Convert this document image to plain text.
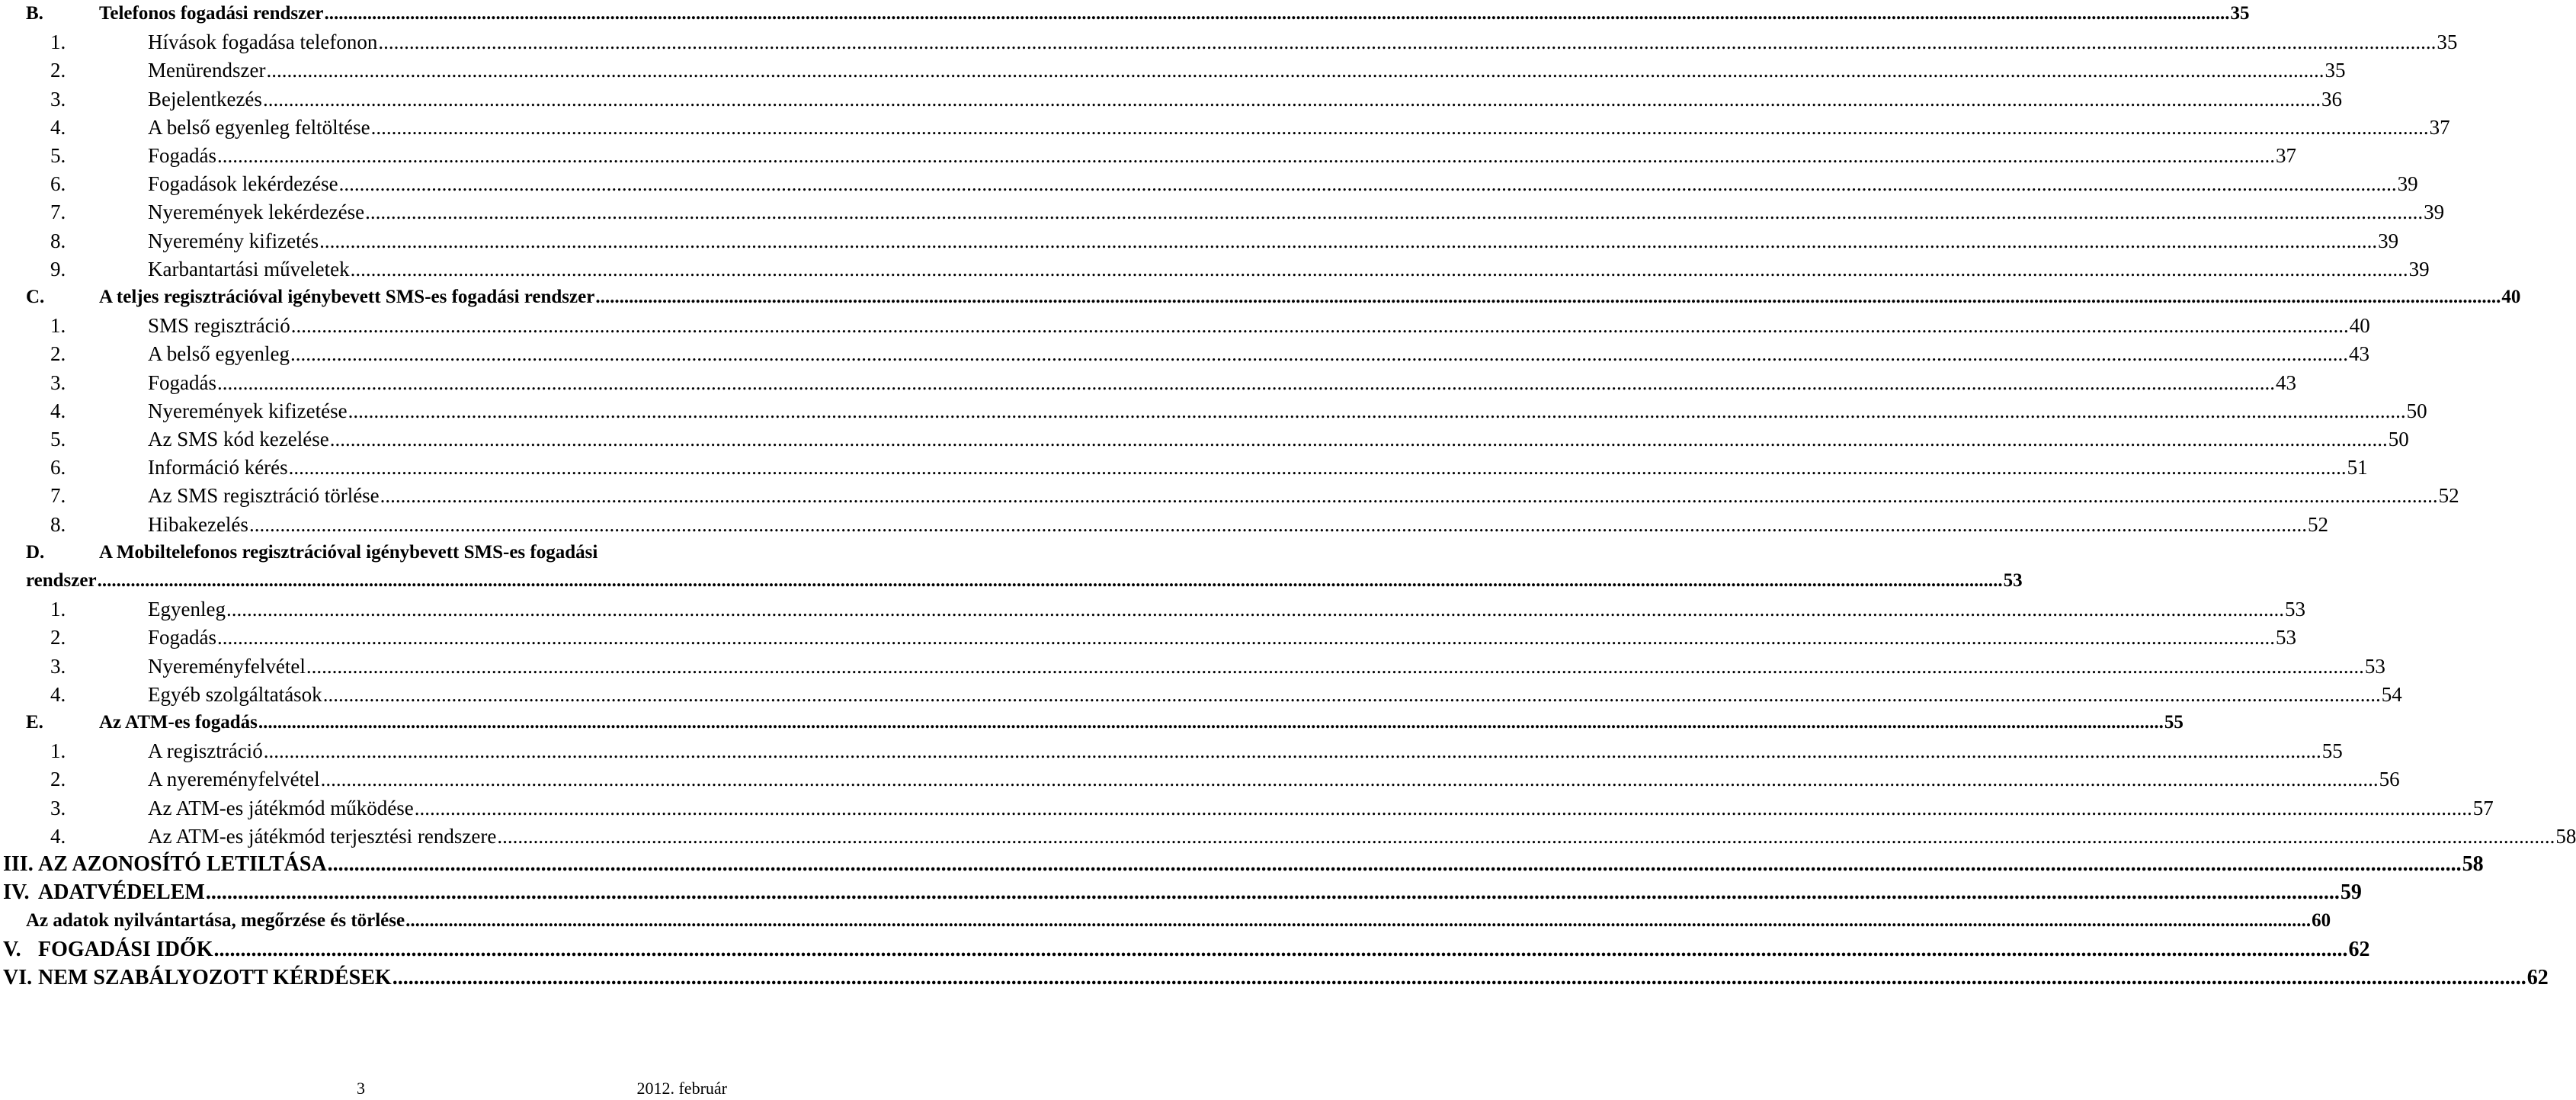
B.	Telefonos fogadási rendszer ................................................................................................................................................................................................................................................................................................................................................................................................................ 35
1.	Hívások fogadása telefonon ................................................................................................................................................................................................................................................................................................................................................................................................................ 35
2.	Menürendszer ................................................................................................................................................................................................................................................................................................................................................................................................................ 35
3.	Bejelentkezés ................................................................................................................................................................................................................................................................................................................................................................................................................ 36
4.	A belső egyenleg feltöltése ................................................................................................................................................................................................................................................................................................................................................................................................................ 37
5.	Fogadás ................................................................................................................................................................................................................................................................................................................................................................................................................ 37
6.	Fogadások lekérdezése ................................................................................................................................................................................................................................................................................................................................................................................................................ 39
7.	Nyeremények lekérdezése ................................................................................................................................................................................................................................................................................................................................................................................................................ 39
8.	Nyeremény kifizetés ................................................................................................................................................................................................................................................................................................................................................................................................................ 39
9.	Karbantartási műveletek ................................................................................................................................................................................................................................................................................................................................................................................................................ 39
C.	A teljes regisztrációval igénybevett SMS-es fogadási rendszer ................................................................................................................................................................................................................................................................................................................................................................................................................ 40
1.	SMS regisztráció ................................................................................................................................................................................................................................................................................................................................................................................................................ 40
2.	A belső egyenleg ................................................................................................................................................................................................................................................................................................................................................................................................................ 43
3.	Fogadás ................................................................................................................................................................................................................................................................................................................................................................................................................ 43
4.	Nyeremények kifizetése ................................................................................................................................................................................................................................................................................................................................................................................................................ 50
5.	Az SMS kód kezelése ................................................................................................................................................................................................................................................................................................................................................................................................................ 50
6.	Információ kérés ................................................................................................................................................................................................................................................................................................................................................................................................................ 51
7.	Az SMS regisztráció törlése ................................................................................................................................................................................................................................................................................................................................................................................................................ 52
8.	Hibakezelés ................................................................................................................................................................................................................................................................................................................................................................................................................ 52
D.	A Mobiltelefonos regisztrációval igénybevett SMS-es fogadási
rendszer ................................................................................................................................................................................................................................................................................................................................................................................................................ 53
1.	Egyenleg ................................................................................................................................................................................................................................................................................................................................................................................................................ 53
2.	Fogadás ................................................................................................................................................................................................................................................................................................................................................................................................................ 53
3.	Nyereményfelvétel ................................................................................................................................................................................................................................................................................................................................................................................................................ 53
4.	Egyéb szolgáltatások ................................................................................................................................................................................................................................................................................................................................................................................................................ 54
E.	Az ATM-es fogadás ................................................................................................................................................................................................................................................................................................................................................................................................................ 55
1.	A regisztráció ................................................................................................................................................................................................................................................................................................................................................................................................................ 55
2.	A nyereményfelvétel ................................................................................................................................................................................................................................................................................................................................................................................................................ 56
3.	Az ATM-es játékmód működése ................................................................................................................................................................................................................................................................................................................................................................................................................ 57
4.	Az ATM-es játékmód terjesztési rendszere ................................................................................................................................................................................................................................................................................................................................................................................................................ 58
III. AZ AZONOSÍTÓ LETILTÁSA ................................................................................................................................................................................................................................................................................................................................................................................................................ 58
IV. ADATVÉDELEM ................................................................................................................................................................................................................................................................................................................................................................................................................ 59
Az adatok nyilvántartása, megőrzése és törlése ................................................................................................................................................................................................................................................................................................................................................................................................................ 60
V. FOGADÁSI IDŐK ................................................................................................................................................................................................................................................................................................................................................................................................................ 62
VI. NEM SZABÁLYOZOTT KÉRDÉSEK ................................................................................................................................................................................................................................................................................................................................................................................................................ 62
3	2012. február
